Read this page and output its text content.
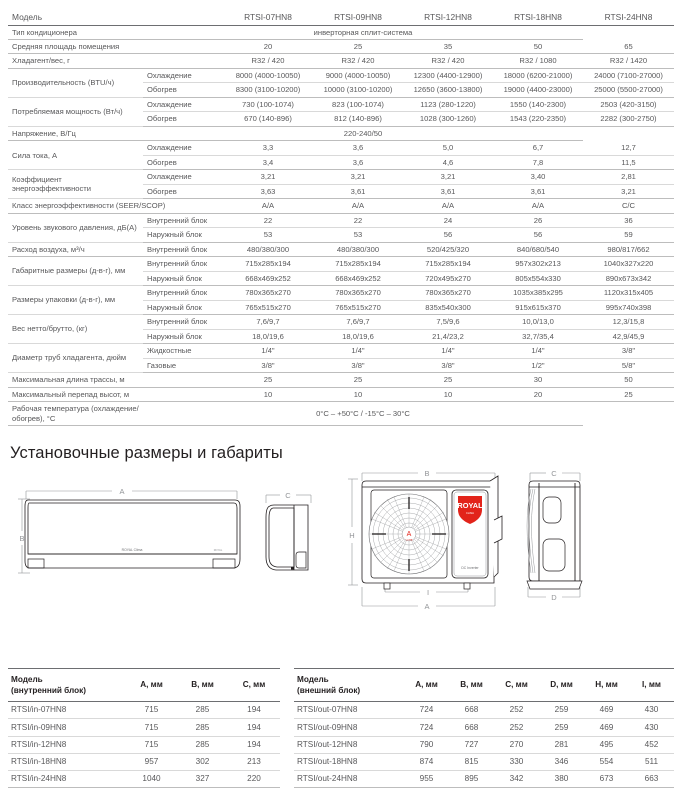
Модель		RTSI-07HN8	RTSI-09HN8	RTSI-12HN8	RTSI-18HN8	RTSI-24HN8
Тип кондиционера	инверторная сплит-система					
Средняя площадь помещения		20	25	35	50	65
Хладагент/вес, г		R32 / 420	R32 / 420	R32 / 420	R32 / 1080	R32 / 1420
Производительность (BTU/ч)	Охлаждение	8000 (4000-10050)	9000 (4000-10050)	12300 (4400-12900)	18000 (6200-21000)	24000 (7100-27000)
	Обогрев	8300 (3100-10200)	10000 (3100-10200)	12650 (3600-13800)	19000 (4400-23000)	25000 (5500-27000)
Потребляемая мощность (Вт/ч)	Охлаждение	730 (100-1074)	823 (100-1074)	1123 (280-1220)	1550 (140-2300)	2503 (420-3150)
	Обогрев	670 (140-896)	812 (140-896)	1028 (300-1260)	1543 (220-2350)	2282 (300-2750)
Напряжение, В/Гц	220-240/50					
Сила тока, А	Охлаждение	3,3	3,6	5,0	6,7	12,7
	Обогрев	3,4	3,6	4,6	7,8	11,5
Коэффициент энергоэффективности	Охлаждение	3,21	3,21	3,21	3,40	2,81
	Обогрев	3,63	3,61	3,61	3,61	3,21
Класс энергоэффективности (SEER/SCOP)		A/A	A/A	A/A	A/A	C/C
Уровень звукового давления, дБ(А)	Внутренний блок	22	22	24	26	36
	Наружный блок	53	53	56	56	59
Расход воздуха, м³/ч	Внутренний блок	480/380/300	480/380/300	520/425/320	840/680/540	980/817/662
Габаритные размеры (д-в-г), мм	Внутренний блок	715x285x194	715x285x194	715x285x194	957x302x213	1040x327x220
	Наружный блок	668x469x252	668x469x252	720x495x270	805x554x330	890x673x342
Размеры упаковки (д-в-г), мм	Внутренний блок	780x365x270	780x365x270	780x365x270	1035x385x295	1120x315x405
	Наружный блок	765x515x270	765x515x270	835x540x300	915x615x370	995x740x398
Вес нетто/брутто, (кг)	Внутренний блок	7,6/9,7	7,6/9,7	7,5/9,6	10,0/13,0	12,3/15,8
	Наружный блок	18,0/19,6	18,0/19,6	21,4/23,2	32,7/35,4	42,9/45,9
Диаметр труб хладагента, дюйм	Жидкостные	1/4"	1/4"	1/4"	1/4"	3/8"
	Газовые	3/8"	3/8"	3/8"	1/2"	5/8"
Максимальная длина трассы, м		25	25	25	30	50
Максимальный перепад высот, м		10	10	10	20	25
Рабочая температура (охлаждение/обогрев), °C	0°C – +50°C / -15°C – 30°C					
Установочные размеры и габариты
ROYAL Clima	ROYAL
A
B
C
B
H
I
A
A
CLIMA
ROYAL
CLIMA
DC Inverter
C
D
Модель
(внутренний блок)	A, мм	B, мм	C, мм
RTSI/in-07HN8	715	285	194
RTSI/in-09HN8	715	285	194
RTSI/in-12HN8	715	285	194
RTSI/in-18HN8	957	302	213
RTSI/in-24HN8	1040	327	220
Модель
(внешний блок)	A, мм	B, мм	C, мм	D, мм	H, мм	I, мм
RTSI/out-07HN8	724	668	252	259	469	430
RTSI/out-09HN8	724	668	252	259	469	430
RTSI/out-12HN8	790	727	270	281	495	452
RTSI/out-18HN8	874	815	330	346	554	511
RTSI/out-24HN8	955	895	342	380	673	663
